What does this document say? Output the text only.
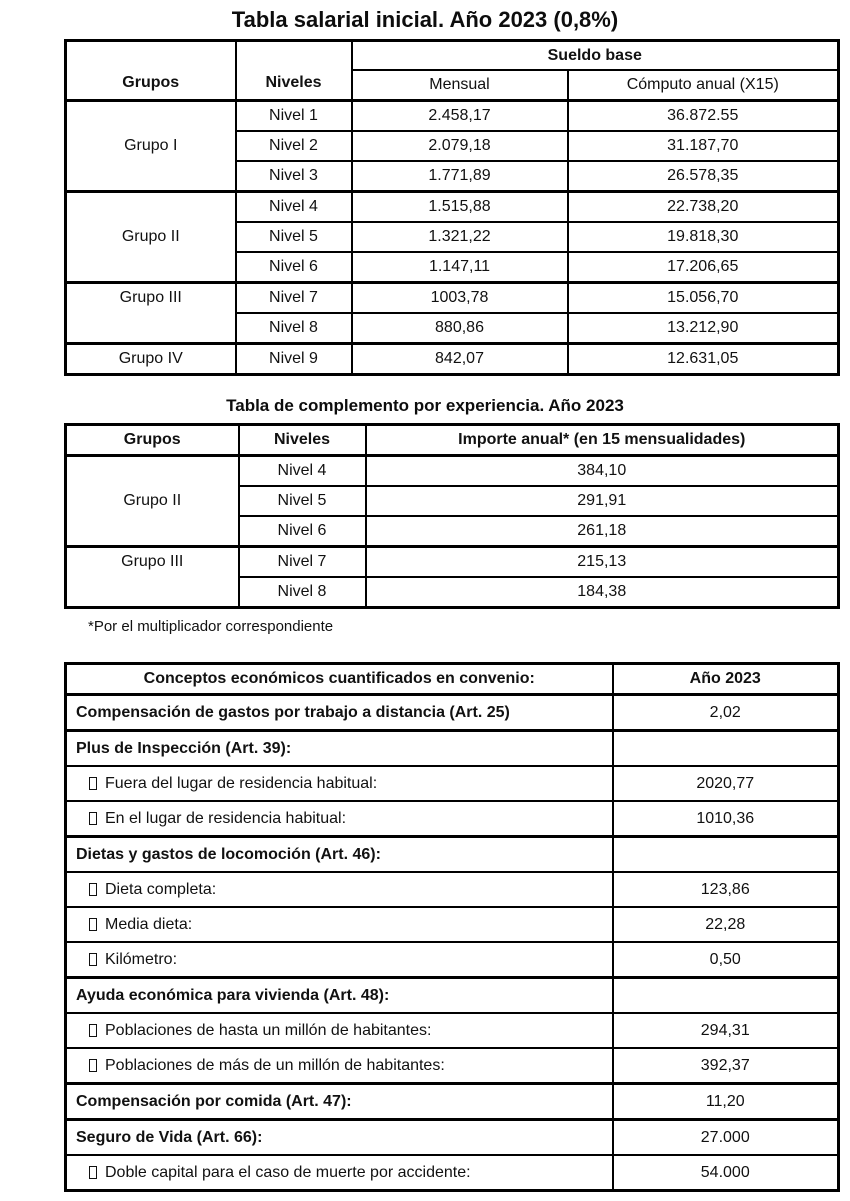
Tabla salarial inicial. Año 2023 (0,8%)
Grupos	Niveles	Sueldo base	
		Mensual	Cómputo anual (X15)
Grupo I	Nivel 1	2.458,17	36.872.55
	Nivel 2	2.079,18	31.187,70
	Nivel 3	1.771,89	26.578,35
Grupo II	Nivel 4	1.515,88	22.738,20
	Nivel 5	1.321,22	19.818,30
	Nivel 6	1.147,11	17.206,65
Grupo III	Nivel 7	1003,78	15.056,70
	Nivel 8	880,86	13.212,90
Grupo IV	Nivel 9	842,07	12.631,05
Tabla de complemento por experiencia. Año 2023
Grupos	Niveles	Importe anual* (en 15 mensualidades)
Grupo II	Nivel 4	384,10
	Nivel 5	291,91
	Nivel 6	261,18
Grupo III	Nivel 7	215,13
	Nivel 8	184,38
*Por el multiplicador correspondiente
Conceptos económicos cuantificados en convenio:	Año 2023
Compensación de gastos por trabajo a distancia (Art. 25)	2,02
Plus de Inspección (Art. 39):	
Fuera del lugar de residencia habitual:	2020,77
En el lugar de residencia habitual:	1010,36
Dietas y gastos de locomoción (Art. 46):	
Dieta completa:	123,86
Media dieta:	22,28
Kilómetro:	0,50
Ayuda económica para vivienda (Art. 48):	
Poblaciones de hasta un millón de habitantes:	294,31
Poblaciones de más de un millón de habitantes:	392,37
Compensación por comida (Art. 47):	11,20
Seguro de Vida (Art. 66):	27.000
Doble capital para el caso de muerte por accidente:	54.000
